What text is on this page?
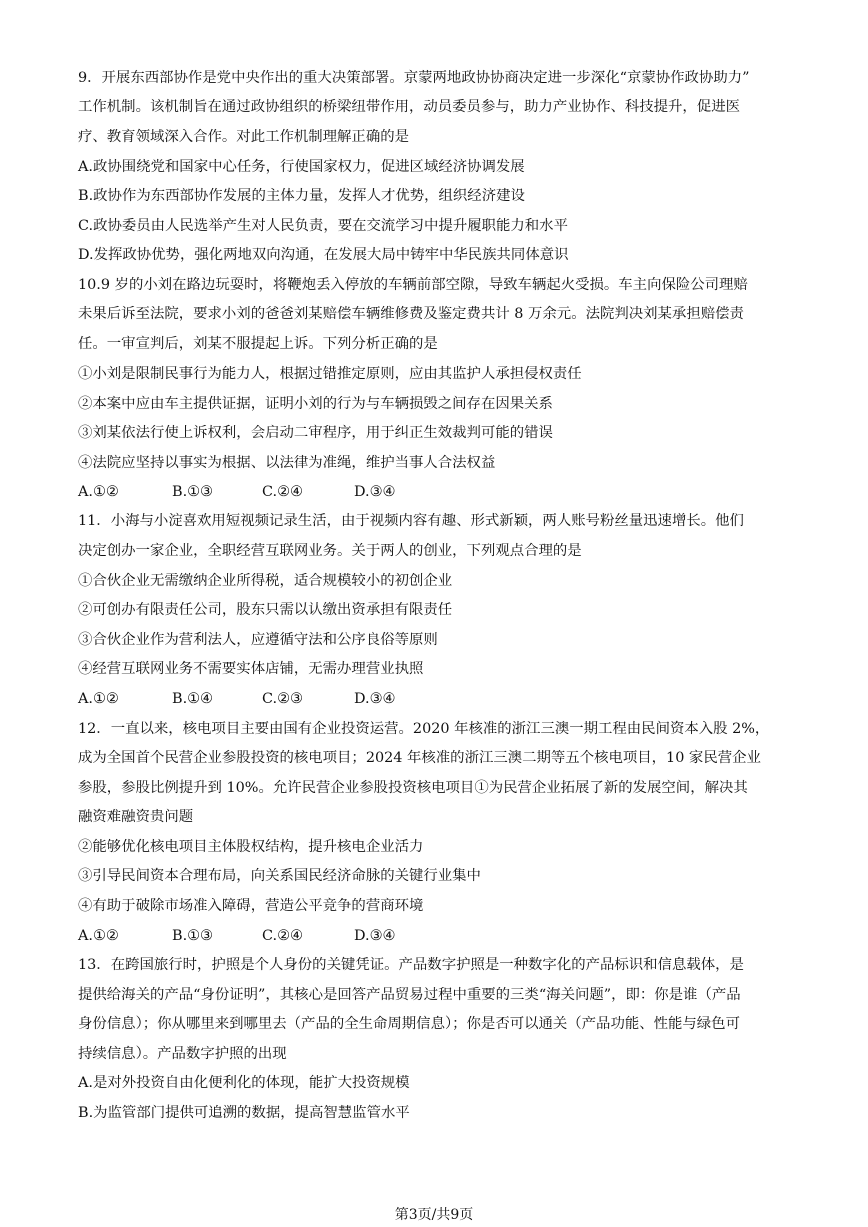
9．开展东西部协作是党中央作出的重大决策部署。京蒙两地政协协商决定进一步深化“京蒙协作政协助力”
工作机制。该机制旨在通过政协组织的桥梁纽带作用，动员委员参与，助力产业协作、科技提升，促进医
疗、教育领域深入合作。对此工作机制理解正确的是
A.政协围绕党和国家中心任务，行使国家权力，促进区域经济协调发展
B.政协作为东西部协作发展的主体力量，发挥人才优势，组织经济建设
C.政协委员由人民选举产生对人民负责，要在交流学习中提升履职能力和水平
D.发挥政协优势，强化两地双向沟通，在发展大局中铸牢中华民族共同体意识
10.9 岁的小刘在路边玩耍时，将鞭炮丢入停放的车辆前部空隙，导致车辆起火受损。车主向保险公司理赔
未果后诉至法院，要求小刘的爸爸刘某赔偿车辆维修费及鉴定费共计 8 万余元。法院判决刘某承担赔偿责
任。一审宣判后，刘某不服提起上诉。下列分析正确的是
①小刘是限制民事行为能力人，根据过错推定原则，应由其监护人承担侵权责任
②本案中应由车主提供证据，证明小刘的行为与车辆损毁之间存在因果关系
③刘某依法行使上诉权利，会启动二审程序，用于纠正生效裁判可能的错误
④法院应坚持以事实为根据、以法律为准绳，维护当事人合法权益
A.①②	B.①③	C.②④	D.③④
11．小海与小淀喜欢用短视频记录生活，由于视频内容有趣、形式新颖，两人账号粉丝量迅速增长。他们
决定创办一家企业，全职经营互联网业务。关于两人的创业，下列观点合理的是
①合伙企业无需缴纳企业所得税，适合规模较小的初创企业
②可创办有限责任公司，股东只需以认缴出资承担有限责任
③合伙企业作为营利法人，应遵循守法和公序良俗等原则
④经营互联网业务不需要实体店铺，无需办理营业执照
A.①②	B.①④	C.②③	D.③④
12．一直以来，核电项目主要由国有企业投资运营。2020 年核准的浙江三澳一期工程由民间资本入股 2%，
成为全国首个民营企业参股投资的核电项目；2024 年核准的浙江三澳二期等五个核电项目，10 家民营企业
参股，参股比例提升到 10%。允许民营企业参股投资核电项目①为民营企业拓展了新的发展空间，解决其
融资难融资贵问题
②能够优化核电项目主体股权结构，提升核电企业活力
③引导民间资本合理布局，向关系国民经济命脉的关键行业集中
④有助于破除市场准入障碍，营造公平竞争的营商环境
A.①②	B.①③	C.②④	D.③④
13．在跨国旅行时，护照是个人身份的关键凭证。产品数字护照是一种数字化的产品标识和信息载体，是
提供给海关的产品“身份证明”，其核心是回答产品贸易过程中重要的三类“海关问题”，即：你是谁（产品
身份信息）；你从哪里来到哪里去（产品的全生命周期信息）；你是否可以通关（产品功能、性能与绿色可
持续信息）。产品数字护照的出现
A.是对外投资自由化便利化的体现，能扩大投资规模
B.为监管部门提供可追溯的数据，提高智慧监管水平
第3页/共9页
